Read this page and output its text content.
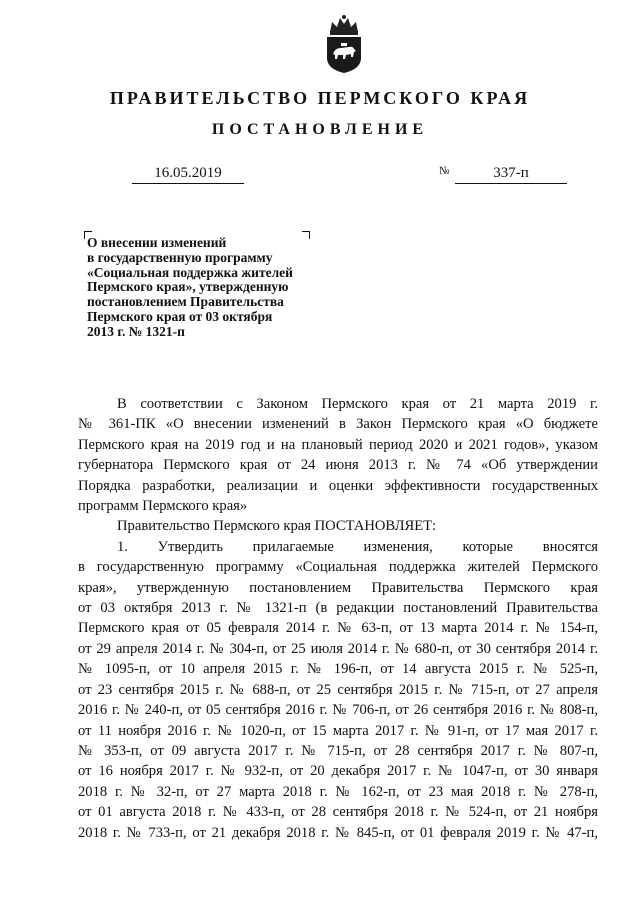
ПРАВИТЕЛЬСТВО ПЕРМСКОГО КРАЯ
ПОСТАНОВЛЕНИЕ
16.05.2019	№	337-п
О внесении изменений
в государственную программу
«Социальная поддержка жителей
Пермского края», утвержденную
постановлением Правительства
Пермского края от 03 октября
2013 г. № 1321-п

В соответствии с Законом Пермского края от 21 марта 2019 г.

№ 361-ПК «О внесении изменений в Закон Пермского края «О бюджете

Пермского края на 2019 год и на плановый период 2020 и 2021 годов», указом

губернатора Пермского края от 24 июня 2013 г. № 74 «Об утверждении

Порядка разработки, реализации и оценки эффективности государственных

программ Пермского края»

Правительство Пермского края ПОСТАНОВЛЯЕТ:

1. Утвердить прилагаемые изменения, которые вносятся

в государственную программу «Социальная поддержка жителей Пермского

края», утвержденную постановлением Правительства Пермского края

от 03 октября 2013 г. № 1321-п (в редакции постановлений Правительства

Пермского края от 05 февраля 2014 г. № 63-п, от 13 марта 2014 г. № 154-п,

от 29 апреля 2014 г. № 304-п, от 25 июля 2014 г. № 680-п, от 30 сентября 2014 г.

№ 1095-п, от 10 апреля 2015 г. № 196-п, от 14 августа 2015 г. № 525-п,

от 23 сентября 2015 г. № 688-п, от 25 сентября 2015 г. № 715-п, от 27 апреля

2016 г. № 240-п, от 05 сентября 2016 г. № 706-п, от 26 сентября 2016 г. № 808-п,

от 11 ноября 2016 г. № 1020-п, от 15 марта 2017 г. № 91-п, от 17 мая 2017 г.

№ 353-п, от 09 августа 2017 г. № 715-п, от 28 сентября 2017 г. № 807-п,

от 16 ноября 2017 г. № 932-п, от 20 декабря 2017 г. № 1047-п, от 30 января

2018 г. № 32-п, от 27 марта 2018 г. № 162-п, от 23 мая 2018 г. № 278-п,

от 01 августа 2018 г. № 433-п, от 28 сентября 2018 г. № 524-п, от 21 ноября

2018 г. № 733-п, от 21 декабря 2018 г. № 845-п, от 01 февраля 2019 г. № 47-п,
